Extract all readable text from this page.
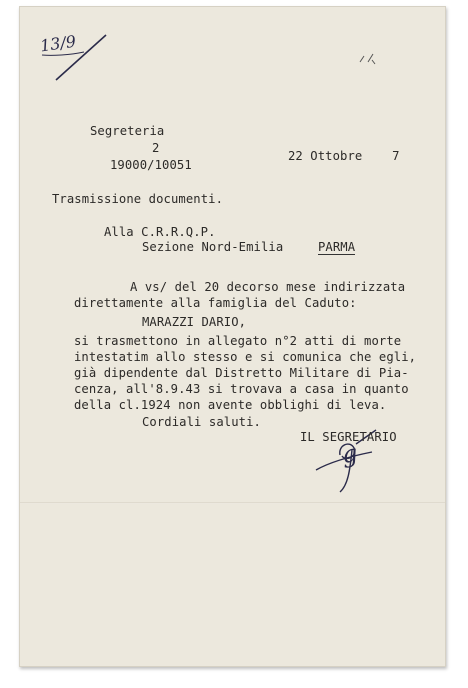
13/9
Segreteria
2
19000/10051
22 Ottobre    7
Trasmissione documenti.
Alla C.R.R.Q.P.
Sezione Nord-Emilia	PARMA
A vs/ del 20 decorso mese indirizzata
direttamente alla famiglia del Caduto:
MARAZZI DARIO,
si trasmettono in allegato n°2 atti di morte
intestatim allo stesso e si comunica che egli,
già dipendente dal Distretto Militare di Pia-
cenza, all'8.9.43 si trovava a casa in quanto
della cl.1924 non avente obblighi di leva.
Cordiali saluti.
IL SEGRETARIO
g
